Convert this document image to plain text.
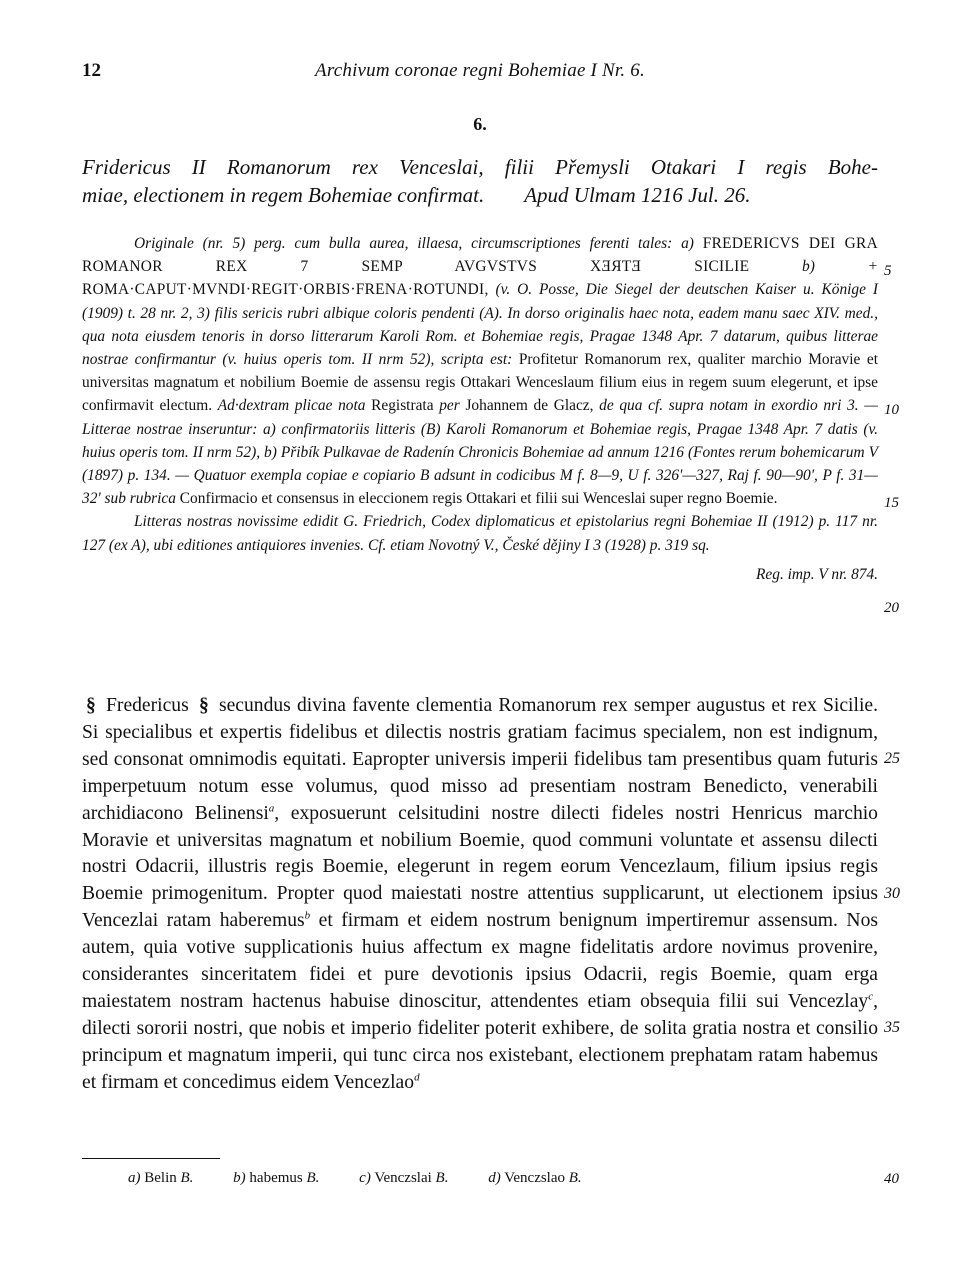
12	Archivum coronae regni Bohemiae I Nr. 6.
6.

Fridericus II Romanorum rex Venceslai, filii Přemysli Otakari I regis Bohe-

miae, electionem in regem Bohemiae confirmat. Apud Ulmam 1216 Jul. 26.

Originale (nr. 5) perg. cum bulla aurea, illaesa, circumscriptiones ferenti tales: a) FREDERICVS DEI GRA ROMANOR REX 7 SEMP AVGVSTVS XƎЯTƎ SICILIE	b) + ROMA·CAPUT·MVNDI·REGIT·ORBIS·FRENA·ROTUNDI, (v. O. Posse, Die Siegel der deutschen Kaiser u. Könige I (1909) t. 28 nr. 2, 3) filis sericis rubri albique coloris pendenti (A). In dorso originalis haec nota, eadem manu saec XIV. med., qua nota eiusdem tenoris in dorso litterarum Karoli Rom. et Bohemiae regis, Pragae 1348 Apr. 7 datarum, quibus litterae nostrae confirmantur (v. huius operis tom. II nrm 52), scripta est: Profitetur Romanorum rex, qualiter marchio Moravie et universitas magnatum et nobilium Boemie de assensu regis Ottakari Wenceslaum filium eius in regem suum elegerunt, et ipse confirmavit electum. Ad·dextram plicae nota Registrata per Johannem de Glacz, de qua cf. supra notam in exordio nri 3. — Litterae nostrae inseruntur: a) confirmatoriis litteris (B) Karoli Romanorum et Bohemiae regis, Pragae 1348 Apr. 7 datis (v. huius operis tom. II nrm 52), b) Přibík Pulkavae de Radenín Chronicis Bohemiae ad annum 1216 (Fontes rerum bohemicarum V (1897) p. 134. — Quatuor exempla copiae e copiario B adsunt in codicibus M f. 8—9, U f. 326'—327, Raj f. 90—90', P f. 31—32' sub rubrica Confirmacio et consensus in eleccionem regis Ottakari et filii sui Wenceslai super regno Boemie.

Litteras nostras novissime edidit G. Friedrich, Codex diplomaticus et epistolarius regni Bohemiae II (1912) p. 117 nr. 127 (ex A), ubi editiones antiquiores invenies. Cf. etiam Novotný V., České dějiny I 3 (1928) p. 319 sq.

Reg. imp. V nr. 874.

§ Fredericus § secundus divina favente clementia Romanorum rex semper augustus et rex Sicilie. Si specialibus et expertis fidelibus et dilectis nostris gratiam facimus specialem, non est indignum, sed consonat omnimodis equitati. Eapropter universis imperii fidelibus tam presentibus quam futuris imperpetuum notum esse volumus, quod misso ad presentiam nostram Benedicto, venerabili archidiacono Belinensi$^a$, exposuerunt celsitudini nostre dilecti fideles nostri Henricus marchio Moravie et universitas magnatum et nobilium Boemie, quod communi voluntate et assensu dilecti nostri Odacrii, illustris regis Boemie, elegerunt in regem eorum Vencezlaum, filium ipsius regis Boemie primogenitum. Propter quod maiestati nostre attentius supplicarunt, ut electionem ipsius Vencezlai ratam haberemus$^b$ et firmam et eidem nostrum benignum impertiremur assensum. Nos autem, quia votive supplicationis huius affectum ex magne fidelitatis ardore novimus provenire, considerantes sinceritatem fidei et pure devotionis ipsius Odacrii, regis Boemie, quam erga maiestatem nostram hactenus habuise dinoscitur, attendentes etiam obsequia filii sui Vencezlay$^c$, dilecti sororii nostri, que nobis et imperio fideliter poterit exhibere, de solita gratia nostra et consilio principum et magnatum imperii, qui tunc circa nos existebant, electionem prephatam ratam habemus et firmam et concedimus eidem Vencezlao$^d$

5
10
15
20
25
30
35
40
a) Belin B.	b) habemus B.	c) Venczslai B.	d) Venczslao B.
